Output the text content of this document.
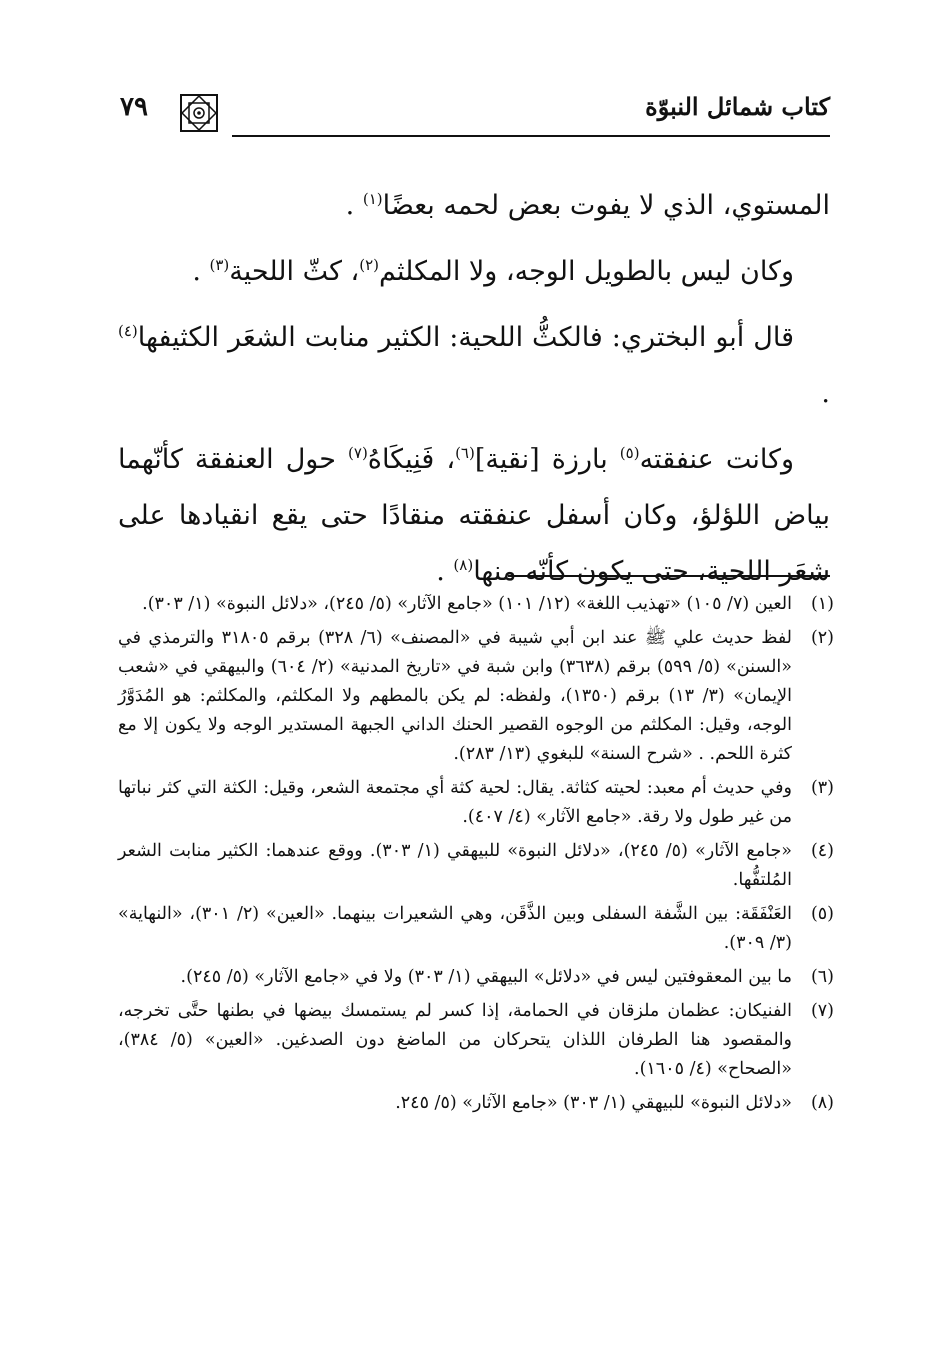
كتاب شمائل النبوّة
٧٩

المستوي، الذي لا يفوت بعض لحمه بعضًا$^{(١)}$ .

وكان ليس بالطويل الوجه، ولا المكلثم$^{(٢)}$، كثّ اللحية$^{(٣)}$ .

قال أبو البختري: فالكثُّ اللحية: الكثير منابت الشعَر الكثيفها$^{(٤)}$ .

وكانت عنفقته$^{(٥)}$ بارزة [نقية]$^{(٦)}$، فَنِيكَاهُ$^{(٧)}$ حول العنفقة كأنّهما بياض اللؤلؤ، وكان أسفل عنفقته منقادًا حتى يقع انقيادها على شعَر اللحية، حتى يكون كأنّه منها$^{(٨)}$ .

(١)
العين (٧/ ١٠٥) «تهذيب اللغة» (١٢/ ١٠١) «جامع الآثار» (٥/ ٢٤٥)، «دلائل النبوة» (١/ ٣٠٣).
(٢)
لفظ حديث علي ﷺ عند ابن أبي شيبة في «المصنف» (٦/ ٣٢٨) برقم ٣١٨٠٥ والترمذي في «السنن» (٥/ ٥٩٩) برقم (٣٦٣٨) وابن شبة في «تاريخ المدنية» (٢/ ٦٠٤) والبيهقي في «شعب الإيمان» (٣/ ١٣) برقم (١٣٥٠)، ولفظه: لم يكن بالمطهم ولا المكلثم، والمكلثم: هو المُدَوَّرُ الوجه، وقيل: المكلثم من الوجوه القصير الحنك الداني الجبهة المستدير الوجه ولا يكون إلا مع كثرة اللحم. . «شرح السنة» للبغوي (١٣/ ٢٨٣).
(٣)
وفي حديث أم معبد: لحيته كثاثة. يقال: لحية كثة أي مجتمعة الشعر، وقيل: الكثة التي كثر نباتها من غير طول ولا رقة. «جامع الآثار» (٤/ ٤٠٧).
(٤)
«جامع الآثار» (٥/ ٢٤٥)، «دلائل النبوة» للبيهقي (١/ ٣٠٣). ووقع عندهما: الكثير منابت الشعر المُلتفُّها.
(٥)
العَنْفَقَة: بين الشَّفة السفلى وبين الذَّقَن، وهي الشعيرات بينهما. «العين» (٢/ ٣٠١)، «النهاية» (٣/ ٣٠٩).
(٦)
ما بين المعقوفتين ليس في «دلائل» البيهقي (١/ ٣٠٣) ولا في «جامع الآثار» (٥/ ٢٤٥).
(٧)
الفنيكان: عظمان ملزقان في الحمامة، إذا كسر لم يستمسك بيضها في بطنها حتَّى تخرجه، والمقصود هنا الطرفان اللذان يتحركان من الماضغ دون الصدغين. «العين» (٥/ ٣٨٤)، «الصحاح» (٤/ ١٦٠٥).
(٨)
«دلائل النبوة» للبيهقي (١/ ٣٠٣) «جامع الآثار» (٥/ ٢٤٥.
